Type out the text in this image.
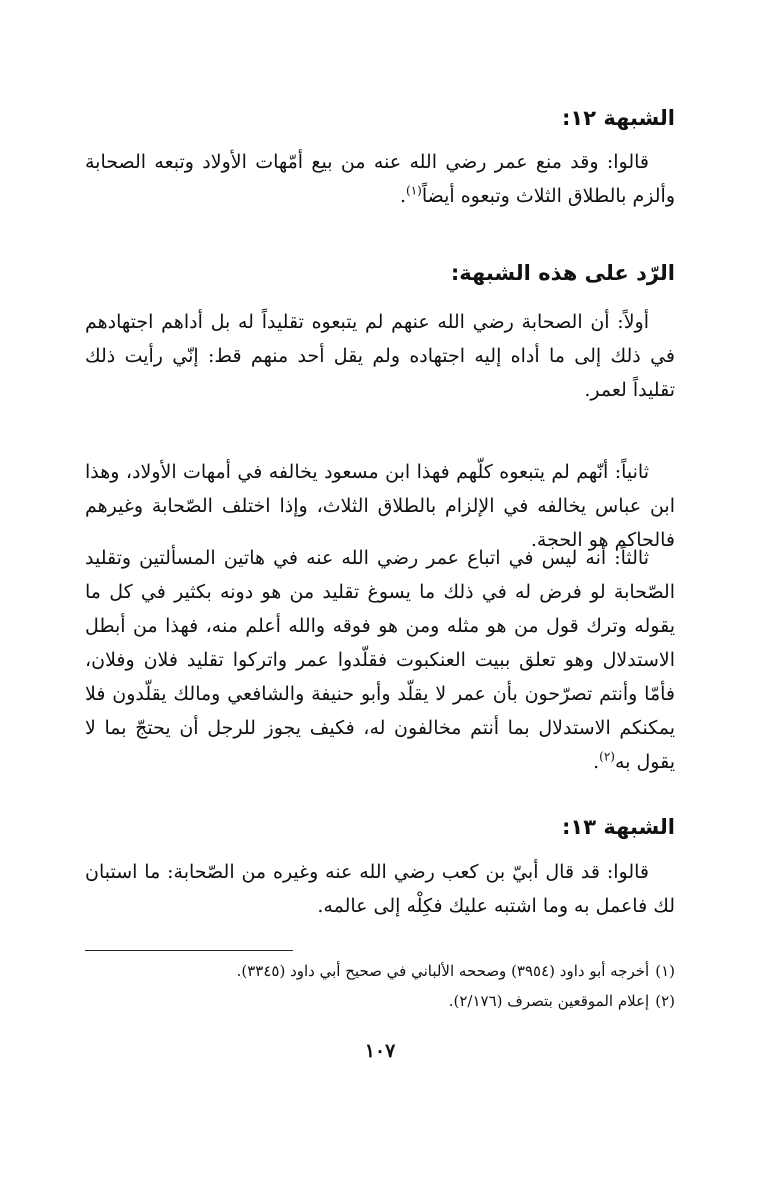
الشبهة ١٢:

قالوا: وقد منع عمر رضي الله عنه من بيع أمّهات الأولاد وتبعه الصحابة وألزم بالطلاق الثلاث وتبعوه أيضاً$^{(١)}$.

الرّد على هذه الشبهة:

أولاً: أن الصحابة رضي الله عنهم لم يتبعوه تقليداً له بل أداهم اجتهادهم في ذلك إلى ما أداه إليه اجتهاده ولم يقل أحد منهم قط: إنّي رأيت ذلك تقليداً لعمر.

ثانياً: أنّهم لم يتبعوه كلّهم فهذا ابن مسعود يخالفه في أمهات الأولاد، وهذا ابن عباس يخالفه في الإلزام بالطلاق الثلاث، وإذا اختلف الصّحابة وغيرهم فالحاكم هو الحجة.

ثالثاً: أنه ليس في اتباع عمر رضي الله عنه في هاتين المسألتين وتقليد الصّحابة لو فرض له في ذلك ما يسوغ تقليد من هو دونه بكثير في كل ما يقوله وترك قول من هو مثله ومن هو فوقه والله أعلم منه، فهذا من أبطل الاستدلال وهو تعلق ببيت العنكبوت فقلّدوا عمر واتركوا تقليد فلان وفلان، فأمّا وأنتم تصرّحون بأن عمر لا يقلّد وأبو حنيفة والشافعي ومالك يقلّدون فلا يمكنكم الاستدلال بما أنتم مخالفون له، فكيف يجوز للرجل أن يحتجّ بما لا يقول به$^{(٢)}$.

الشبهة ١٣:

قالوا: قد قال أبيّ بن كعب رضي الله عنه وغيره من الصّحابة: ما استبان لك فاعمل به وما اشتبه عليك فكِلْه إلى عالمه.

(١)أخرجه أبو داود (٣٩٥٤) وصححه الألباني في صحيح أبي داود (٣٣٤٥).

(٢)إعلام الموقعين بتصرف (٢/١٧٦).

١٠٧
